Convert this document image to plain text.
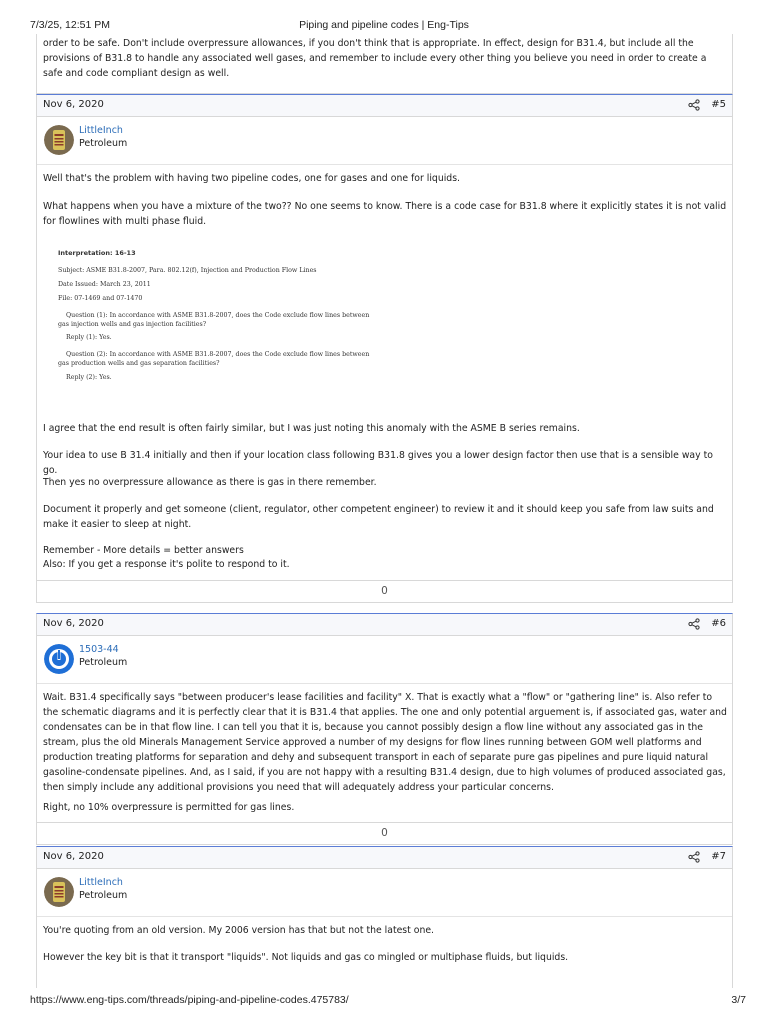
7/3/25, 12:51 PM	Piping and pipeline codes | Eng-Tips
order to be safe. Don't include overpressure allowances, if you don't think that is appropriate. In effect, design for B31.4, but include all the provisions of B31.8 to handle any associated well gases, and remember to include every other thing you believe you need in order to create a safe and code compliant design as well.
Nov 6, 2020	#5
LittleInch
Petroleum
Well that's the problem with having two pipeline codes, one for gases and one for liquids.
What happens when you have a mixture of the two?? No one seems to know. There is a code case for B31.8 where it explicitly states it is not valid for flowlines with multi phase fluid.
Interpretation: 16-13
Subject: ASME B31.8-2007, Para. 802.12(f), Injection and Production Flow Lines
Date Issued: March 23, 2011
File: 07-1469 and 07-1470
Question (1): In accordance with ASME B31.8-2007, does the Code exclude flow lines between
gas injection wells and gas injection facilities?
Reply (1): Yes.
Question (2): In accordance with ASME B31.8-2007, does the Code exclude flow lines between
gas production wells and gas separation facilities?
Reply (2): Yes.
I agree that the end result is often fairly similar, but I was just noting this anomaly with the ASME B series remains.
Your idea to use B 31.4 initially and then if your location class following B31.8 gives you a lower design factor then use that is a sensible way to go.
Then yes no overpressure allowance as there is gas in there remember.
Document it properly and get someone (client, regulator, other competent engineer) to review it and it should keep you safe from law suits and make it easier to sleep at night.
Remember - More details = better answers
Also: If you get a response it's polite to respond to it.
0
Nov 6, 2020	#6
1503-44
Petroleum
Wait. B31.4 specifically says "between producer's lease facilities and facility" X. That is exactly what a "flow" or "gathering line" is. Also refer to the schematic diagrams and it is perfectly clear that it is B31.4 that applies. The one and only potential arguement is, if associated gas, water and condensates can be in that flow line. I can tell you that it is, because you cannot possibly design a flow line without any associated gas in the stream, plus the old Minerals Management Service approved a number of my designs for flow lines running between GOM well platforms and production treating platforms for separation and dehy and subsequent transport in each of separate pure gas pipelines and pure liquid natural gasoline-condensate pipelines. And, as I said, if you are not happy with a resulting B31.4 design, due to high volumes of produced associated gas, then simply include any additional provisions you need that will adequately address your particular concerns.
Right, no 10% overpressure is permitted for gas lines.
0
Nov 6, 2020	#7
LittleInch
Petroleum
You're quoting from an old version. My 2006 version has that but not the latest one.
However the key bit is that it transport "liquids". Not liquids and gas co mingled or multiphase fluids, but liquids.
https://www.eng-tips.com/threads/piping-and-pipeline-codes.475783/	3/7
